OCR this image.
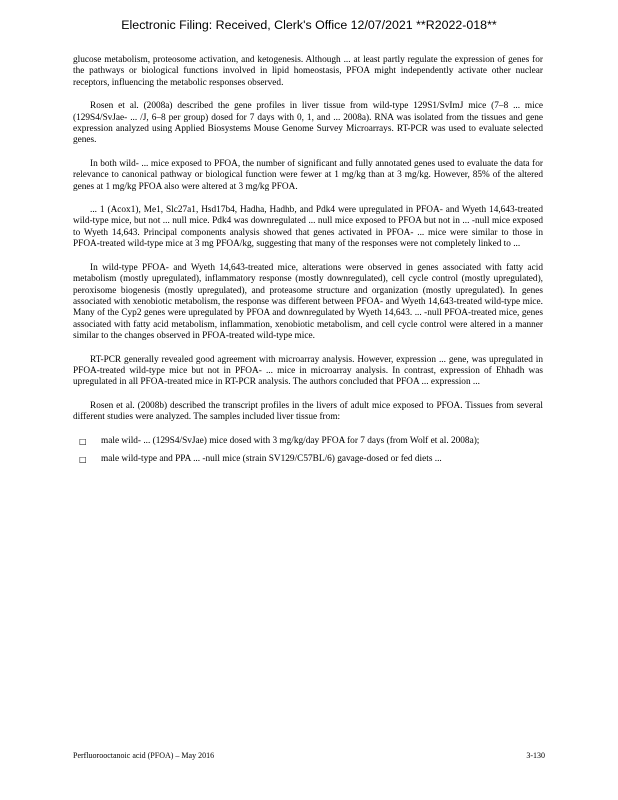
Electronic Filing: Received, Clerk's Office 12/07/2021 **R2022-018**

glucose metabolism, proteosome activation, and ketogenesis. Although ... at least partly regulate the expression of genes for the pathways or biological functions involved in lipid homeostasis, PFOA might independently activate other nuclear receptors, influencing the metabolic responses observed.

Rosen et al. (2008a) described the gene profiles in liver tissue from wild-type 129S1/SvImJ mice (7–8 ... mice (129S4/SvJae- ... /J, 6–8 per group) dosed for 7 days with 0, 1, and ... 2008a). RNA was isolated from the tissues and gene expression analyzed using Applied Biosystems Mouse Genome Survey Microarrays. RT-PCR was used to evaluate selected genes.

In both wild- ... mice exposed to PFOA, the number of significant and fully annotated genes used to evaluate the data for relevance to canonical pathway or biological function were fewer at 1 mg/kg than at 3 mg/kg. However, 85% of the altered genes at 1 mg/kg PFOA also were altered at 3 mg/kg PFOA.

... 1 (Acox1), Me1, Slc27a1, Hsd17b4, Hadha, Hadhb, and Pdk4 were upregulated in PFOA- and Wyeth 14,643-treated wild-type mice, but not ... null mice. Pdk4 was downregulated ... null mice exposed to PFOA but not in ... -null mice exposed to Wyeth 14,643. Principal components analysis showed that genes activated in PFOA- ... mice were similar to those in PFOA-treated wild-type mice at 3 mg PFOA/kg, suggesting that many of the responses were not completely linked to ...

In wild-type PFOA- and Wyeth 14,643-treated mice, alterations were observed in genes associated with fatty acid metabolism (mostly upregulated), inflammatory response (mostly downregulated), cell cycle control (mostly upregulated), peroxisome biogenesis (mostly upregulated), and proteasome structure and organization (mostly upregulated). In genes associated with xenobiotic metabolism, the response was different between PFOA- and Wyeth 14,643-treated wild-type mice. Many of the Cyp2 genes were upregulated by PFOA and downregulated by Wyeth 14,643. ... -null PFOA-treated mice, genes associated with fatty acid metabolism, inflammation, xenobiotic metabolism, and cell cycle control were altered in a manner similar to the changes observed in PFOA-treated wild-type mice.

RT-PCR generally revealed good agreement with microarray analysis. However, expression ... gene, was upregulated in PFOA-treated wild-type mice but not in PFOA- ... mice in microarray analysis. In contrast, expression of Ehhadh was upregulated in all PFOA-treated mice in RT-PCR analysis. The authors concluded that PFOA ... expression ...

Rosen et al. (2008b) described the transcript profiles in the livers of adult mice exposed to PFOA. Tissues from several different studies were analyzed. The samples included liver tissue from:

□ male wild- ... (129S4/SvJae) mice dosed with 3 mg/kg/day PFOA for 7 days (from Wolf et al. 2008a);
□ male wild-type and PPA ... -null mice (strain SV129/C57BL/6) gavage-dosed or fed diets ...
Perfluorooctanoic acid (PFOA) – May 2016	3-130
